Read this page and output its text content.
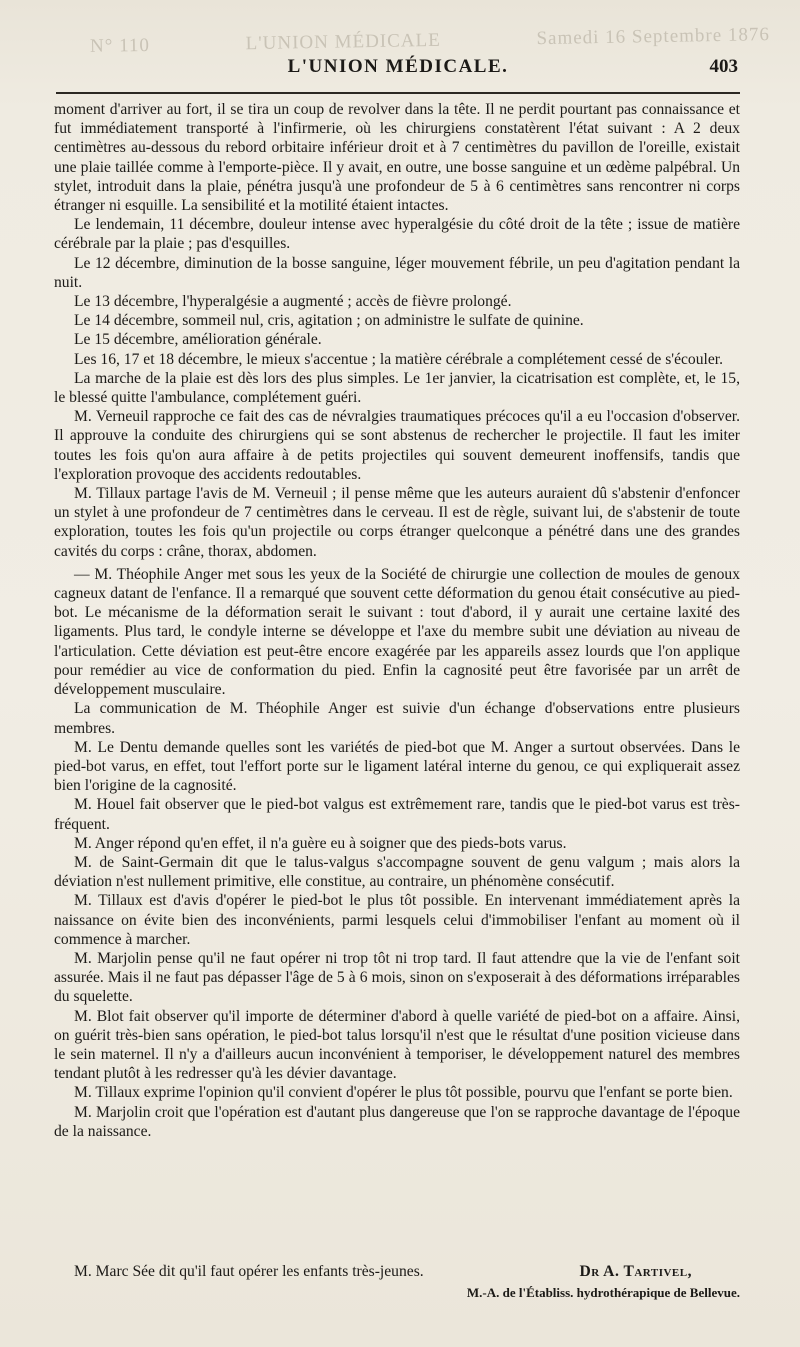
N° 110	L'UNION MÉDICALE	Samedi 16 Septembre 1876
L'UNION MÉDICALE.	403

moment d'arriver au fort, il se tira un coup de revolver dans la tête. Il ne perdit pourtant pas connaissance et fut immédiatement transporté à l'infirmerie, où les chirurgiens constatèrent l'état suivant : A 2 deux centimètres au-dessous du rebord orbitaire inférieur droit et à 7 centimètres du pavillon de l'oreille, existait une plaie taillée comme à l'emporte-pièce. Il y avait, en outre, une bosse sanguine et un œdème palpébral. Un stylet, introduit dans la plaie, pénétra jusqu'à une profondeur de 5 à 6 centimètres sans rencontrer ni corps étranger ni esquille. La sensibilité et la motilité étaient intactes.

Le lendemain, 11 décembre, douleur intense avec hyperalgésie du côté droit de la tête ; issue de matière cérébrale par la plaie ; pas d'esquilles.

Le 12 décembre, diminution de la bosse sanguine, léger mouvement fébrile, un peu d'agitation pendant la nuit.

Le 13 décembre, l'hyperalgésie a augmenté ; accès de fièvre prolongé.

Le 14 décembre, sommeil nul, cris, agitation ; on administre le sulfate de quinine.

Le 15 décembre, amélioration générale.

Les 16, 17 et 18 décembre, le mieux s'accentue ; la matière cérébrale a complétement cessé de s'écouler.

La marche de la plaie est dès lors des plus simples. Le 1er janvier, la cicatrisation est complète, et, le 15, le blessé quitte l'ambulance, complétement guéri.

M. Verneuil rapproche ce fait des cas de névralgies traumatiques précoces qu'il a eu l'occasion d'observer. Il approuve la conduite des chirurgiens qui se sont abstenus de rechercher le projectile. Il faut les imiter toutes les fois qu'on aura affaire à de petits projectiles qui souvent demeurent inoffensifs, tandis que l'exploration provoque des accidents redoutables.

M. Tillaux partage l'avis de M. Verneuil ; il pense même que les auteurs auraient dû s'abstenir d'enfoncer un stylet à une profondeur de 7 centimètres dans le cerveau. Il est de règle, suivant lui, de s'abstenir de toute exploration, toutes les fois qu'un projectile ou corps étranger quelconque a pénétré dans une des grandes cavités du corps : crâne, thorax, abdomen.

— M. Théophile Anger met sous les yeux de la Société de chirurgie une collection de moules de genoux cagneux datant de l'enfance. Il a remarqué que souvent cette déformation du genou était consécutive au pied-bot. Le mécanisme de la déformation serait le suivant : tout d'abord, il y aurait une certaine laxité des ligaments. Plus tard, le condyle interne se développe et l'axe du membre subit une déviation au niveau de l'articulation. Cette déviation est peut-être encore exagérée par les appareils assez lourds que l'on applique pour remédier au vice de conformation du pied. Enfin la cagnosité peut être favorisée par un arrêt de développement musculaire.

La communication de M. Théophile Anger est suivie d'un échange d'observations entre plusieurs membres.

M. Le Dentu demande quelles sont les variétés de pied-bot que M. Anger a surtout observées. Dans le pied-bot varus, en effet, tout l'effort porte sur le ligament latéral interne du genou, ce qui expliquerait assez bien l'origine de la cagnosité.

M. Houel fait observer que le pied-bot valgus est extrêmement rare, tandis que le pied-bot varus est très-fréquent.

M. Anger répond qu'en effet, il n'a guère eu à soigner que des pieds-bots varus.

M. de Saint-Germain dit que le talus-valgus s'accompagne souvent de genu valgum ; mais alors la déviation n'est nullement primitive, elle constitue, au contraire, un phénomène consécutif.

M. Tillaux est d'avis d'opérer le pied-bot le plus tôt possible. En intervenant immédiatement après la naissance on évite bien des inconvénients, parmi lesquels celui d'immobiliser l'enfant au moment où il commence à marcher.

M. Marjolin pense qu'il ne faut opérer ni trop tôt ni trop tard. Il faut attendre que la vie de l'enfant soit assurée. Mais il ne faut pas dépasser l'âge de 5 à 6 mois, sinon on s'exposerait à des déformations irréparables du squelette.

M. Blot fait observer qu'il importe de déterminer d'abord à quelle variété de pied-bot on a affaire. Ainsi, on guérit très-bien sans opération, le pied-bot talus lorsqu'il n'est que le résultat d'une position vicieuse dans le sein maternel. Il n'y a d'ailleurs aucun inconvénient à temporiser, le développement naturel des membres tendant plutôt à les redresser qu'à les dévier davantage.

M. Tillaux exprime l'opinion qu'il convient d'opérer le plus tôt possible, pourvu que l'enfant se porte bien.

M. Marjolin croit que l'opération est d'autant plus dangereuse que l'on se rapproche davantage de l'époque de la naissance.

M. Marc Sée dit qu'il faut opérer les enfants très-jeunes.	Dr A. Tartivel,
M.-A. de l'Établiss. hydrothérapique de Bellevue.
